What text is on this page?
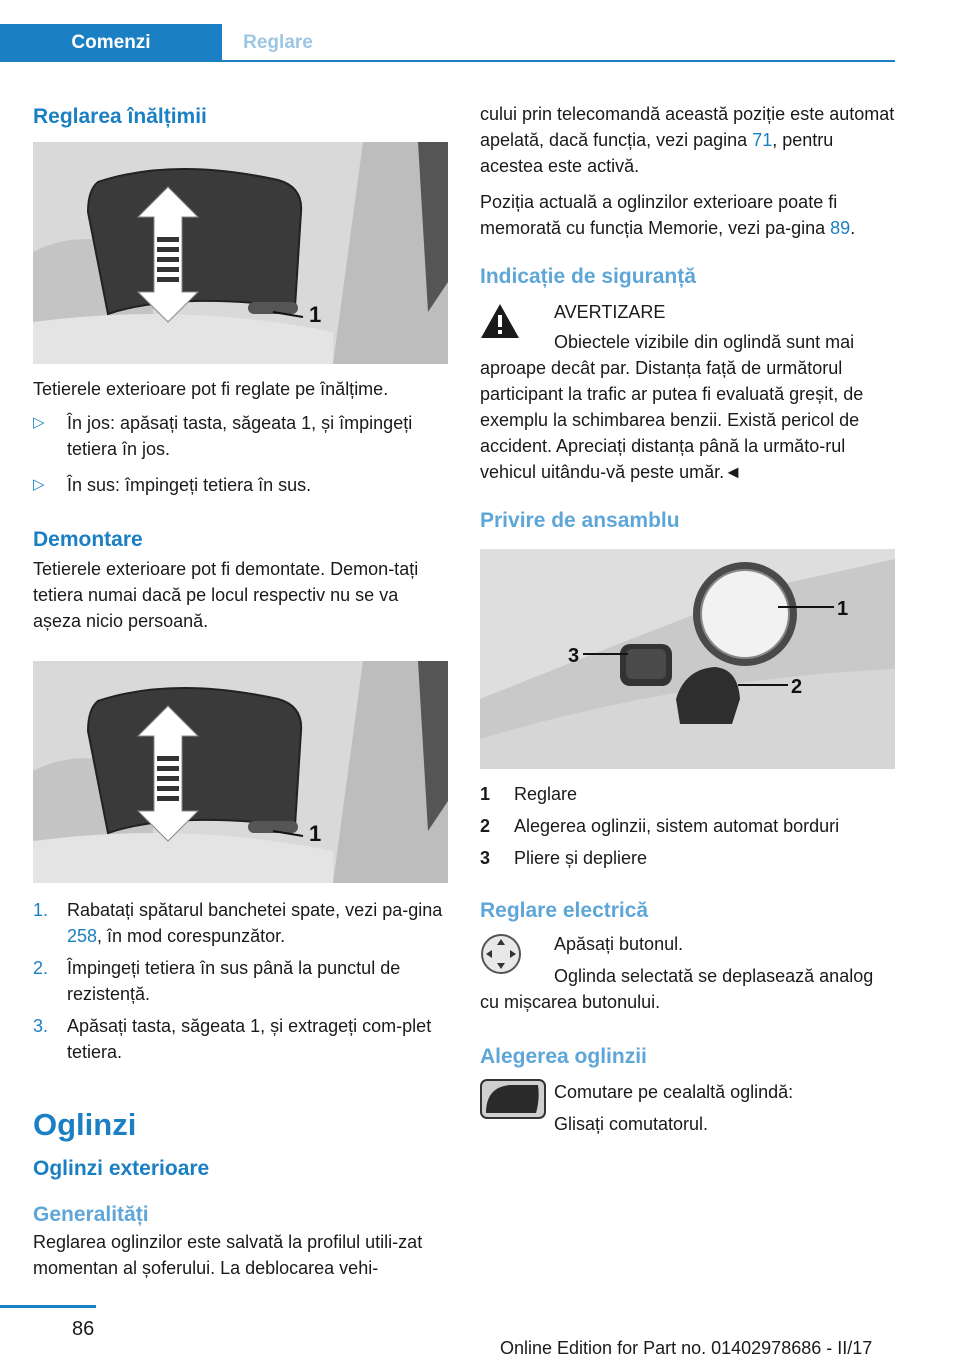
Comenzi	Reglare
Reglarea înălțimii
1

Tetierele exterioare pot fi reglate pe înălțime.

▷ În jos: apăsați tasta, săgeata 1, și împingeți tetiera în jos.
▷ În sus: împingeți tetiera în sus.
Demontare

Tetierele exterioare pot fi demontate. Demon‐tați tetiera numai dacă pe locul respectiv nu se va așeza nicio persoană.

1
1. Rabatați spătarul banchetei spate, vezi pa‐gina 258, în mod corespunzător.
2. Împingeți tetiera în sus până la punctul de rezistență.
3. Apăsați tasta, săgeata 1, și extrageți com‐plet tetiera.
Oglinzi
Oglinzi exterioare
Generalități

Reglarea oglinzilor este salvată la profilul utili‐zat momentan al șoferului. La deblocarea vehi‐

cului prin telecomandă această poziție este automat apelată, dacă funcția, vezi pagina 71, pentru acestea este activă.

Poziția actuală a oglinzilor exterioare poate fi memorată cu funcția Memorie, vezi pa‐gina 89.

Indicație de siguranță

AVERTIZARE

Obiectele vizibile din oglindă sunt mai aproape decât par. Distanța față de următorul participant la trafic ar putea fi evaluată greșit, de exemplu la schimbarea benzii. Există pericol de accident. Apreciați distanța până la următo‐rul vehicul uitându-vă peste umăr.◄

Privire de ansamblu
1
2
3
1 Reglare
2 Alegerea oglinzii, sistem automat borduri
3 Pliere și depliere
Reglare electrică

Apăsați butonul.

Oglinda selectată se deplasează analog cu mișcarea butonului.

Alegerea oglinzii

Comutare pe cealaltă oglindă:

Glisați comutatorul.

86
Online Edition for Part no. 01402978686 - II/17
